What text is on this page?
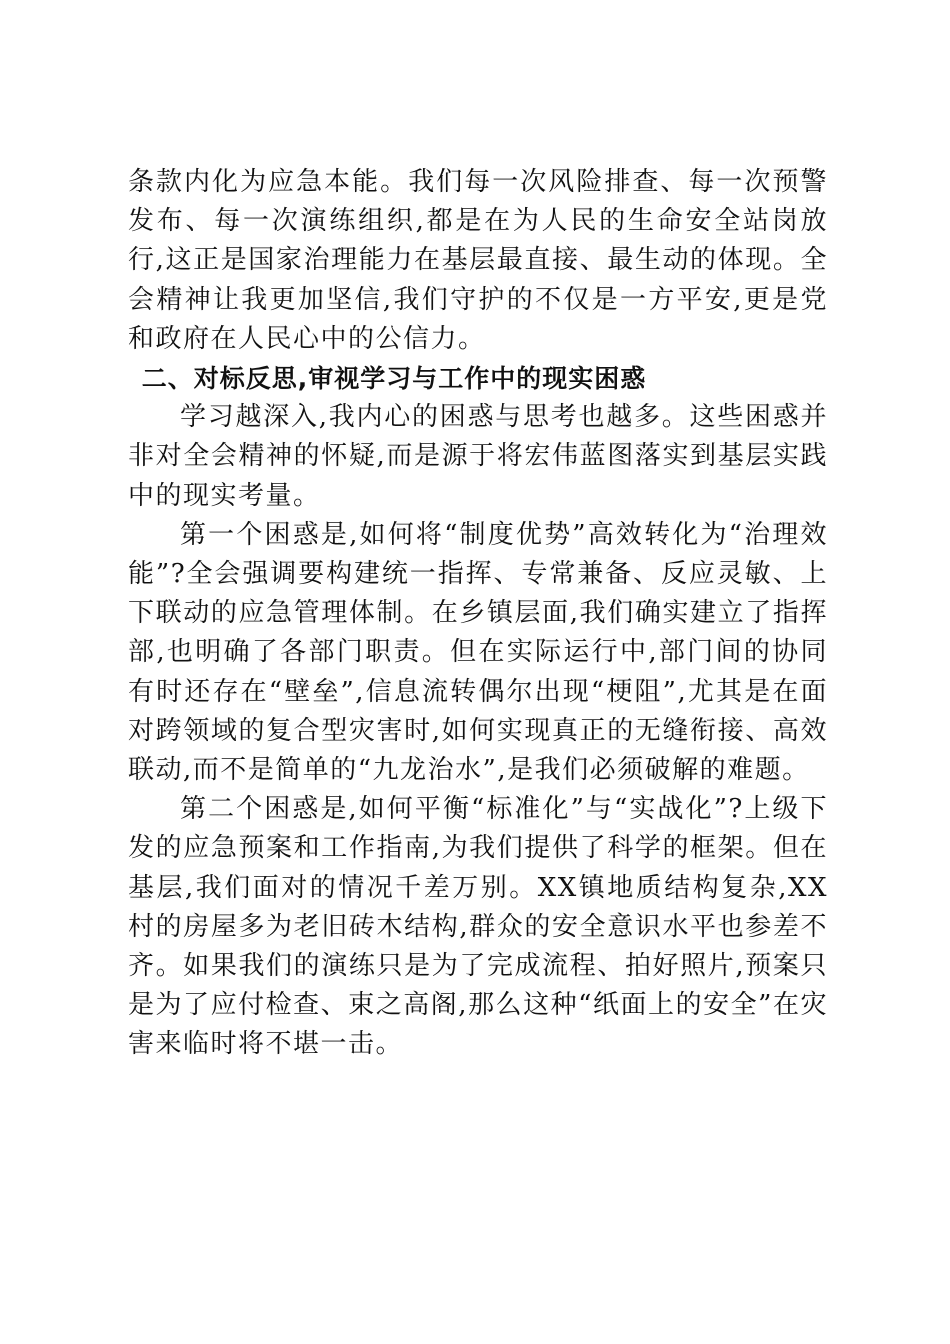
条款内化为应急本能。我们每一次风险排查、每一次预警发布、每一次演练组织,都是在为人民的生命安全站岗放行,这正是国家治理能力在基层最直接、最生动的体现。全会精神让我更加坚信,我们守护的不仅是一方平安,更是党和政府在人民心中的公信力。

二、对标反思,审视学习与工作中的现实困惑

学习越深入,我内心的困惑与思考也越多。这些困惑并非对全会精神的怀疑,而是源于将宏伟蓝图落实到基层实践中的现实考量。

第一个困惑是,如何将“制度优势”高效转化为“治理效能”?全会强调要构建统一指挥、专常兼备、反应灵敏、上下联动的应急管理体制。在乡镇层面,我们确实建立了指挥部,也明确了各部门职责。但在实际运行中,部门间的协同有时还存在“壁垒”,信息流转偶尔出现“梗阻”,尤其是在面对跨领域的复合型灾害时,如何实现真正的无缝衔接、高效联动,而不是简单的“九龙治水”,是我们必须破解的难题。

第二个困惑是,如何平衡“标准化”与“实战化”?上级下发的应急预案和工作指南,为我们提供了科学的框架。但在基层,我们面对的情况千差万别。XX镇地质结构复杂,XX村的房屋多为老旧砖木结构,群众的安全意识水平也参差不齐。如果我们的演练只是为了完成流程、拍好照片,预案只是为了应付检查、束之高阁,那么这种“纸面上的安全”在灾害来临时将不堪一击。
